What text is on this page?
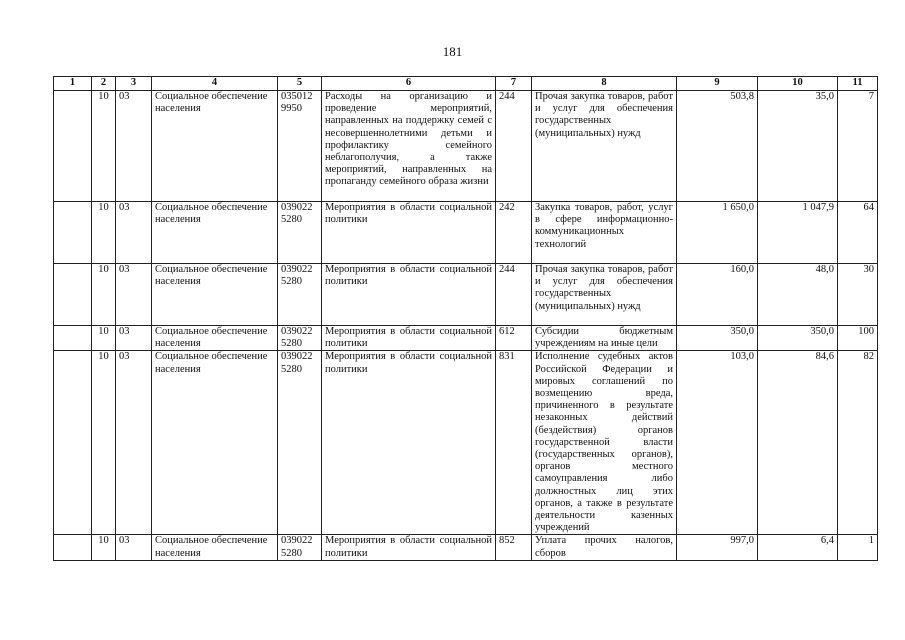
181
1	2	3	4	5	6	7	8	9	10	11
	10	03	Социальное обеспечение населения	035012 9950	Расходы на организацию и проведение мероприятий, направленных на поддержку семей с несовершеннолетними детьми и профилактику семейного неблагополучия, а также мероприятий, направленных на пропаганду семейного образа жизни	244	Прочая закупка товаров, работ и услуг для обеспечения государственных (муниципальных) нужд	503,8	35,0	7
	10	03	Социальное обеспечение населения	039022 5280	Мероприятия в области социальной политики	242	Закупка товаров, работ, услуг в сфере информационно-коммуникационных технологий	1 650,0	1 047,9	64
	10	03	Социальное обеспечение населения	039022 5280	Мероприятия в области социальной политики	244	Прочая закупка товаров, работ и услуг для обеспечения государственных (муниципальных) нужд	160,0	48,0	30
	10	03	Социальное обеспечение населения	039022 5280	Мероприятия в области социальной политики	612	Субсидии бюджетным учреждениям на иные цели	350,0	350,0	100
	10	03	Социальное обеспечение населения	039022 5280	Мероприятия в области социальной политики	831	Исполнение судебных актов Российской Федерации и мировых соглашений по возмещению вреда, причиненного в результате незаконных действий (бездействия) органов государственной власти (государственных органов), органов местного самоуправления либо должностных лиц этих органов, а также в результате деятельности казенных учреждений	103,0	84,6	82
	10	03	Социальное обеспечение населения	039022 5280	Мероприятия в области социальной политики	852	Уплата прочих налогов, сборов	997,0	6,4	1
